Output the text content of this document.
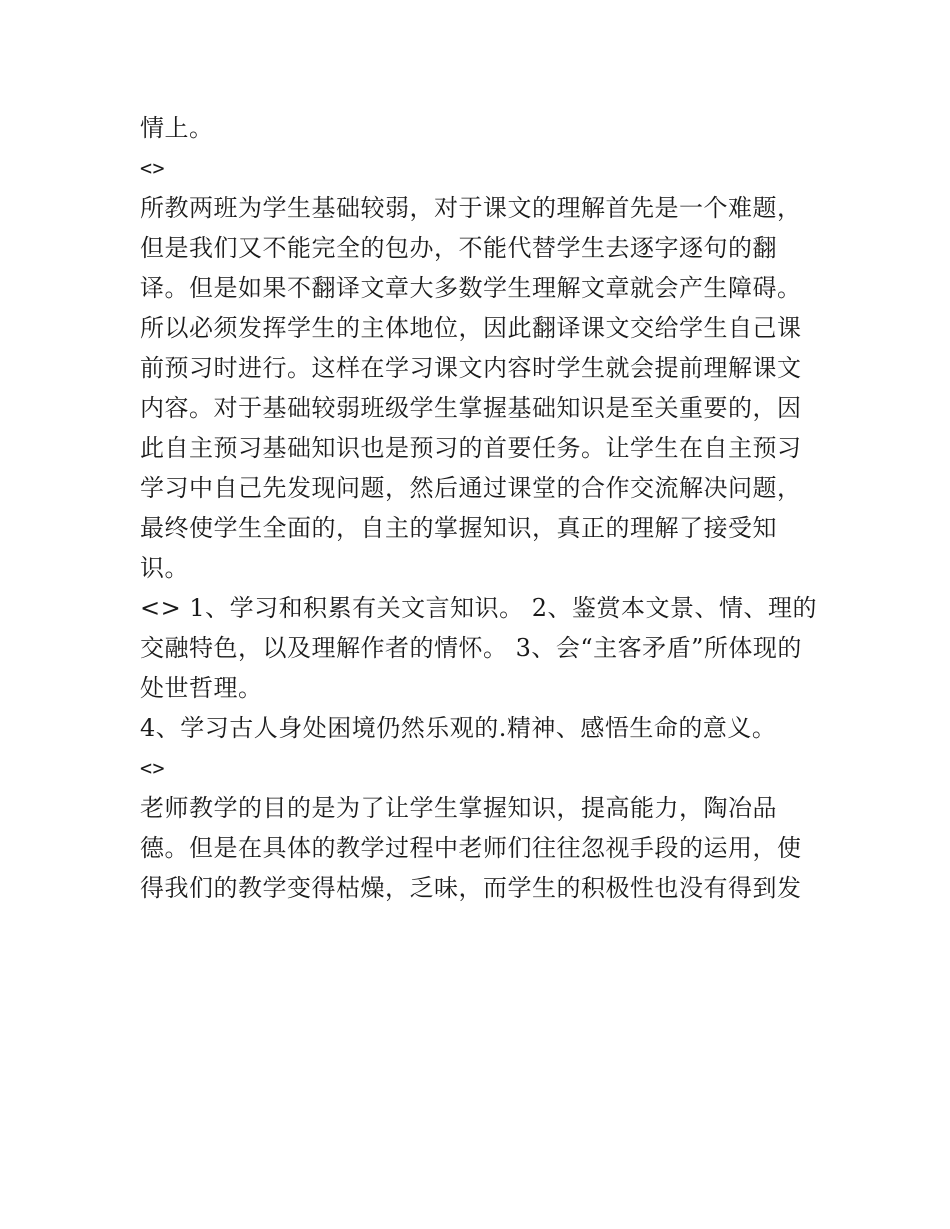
情上。
<>
所教两班为学生基础较弱，对于课文的理解首先是一个难题，
但是我们又不能完全的包办，不能代替学生去逐字逐句的翻
译。但是如果不翻译文章大多数学生理解文章就会产生障碍。
所以必须发挥学生的主体地位，因此翻译课文交给学生自己课
前预习时进行。这样在学习课文内容时学生就会提前理解课文
内容。对于基础较弱班级学生掌握基础知识是至关重要的，因
此自主预习基础知识也是预习的首要任务。让学生在自主预习
学习中自己先发现问题，然后通过课堂的合作交流解决问题，
最终使学生全面的，自主的掌握知识，真正的理解了接受知
识。
<> 1、学习和积累有关文言知识。 2、鉴赏本文景、情、理的
交融特色，以及理解作者的情怀。 3、会“主客矛盾”所体现的
处世哲理。
4、学习古人身处困境仍然乐观的.精神、感悟生命的意义。
<>
老师教学的目的是为了让学生掌握知识，提高能力，陶冶品
德。但是在具体的教学过程中老师们往往忽视手段的运用，使
得我们的教学变得枯燥，乏味，而学生的积极性也没有得到发
